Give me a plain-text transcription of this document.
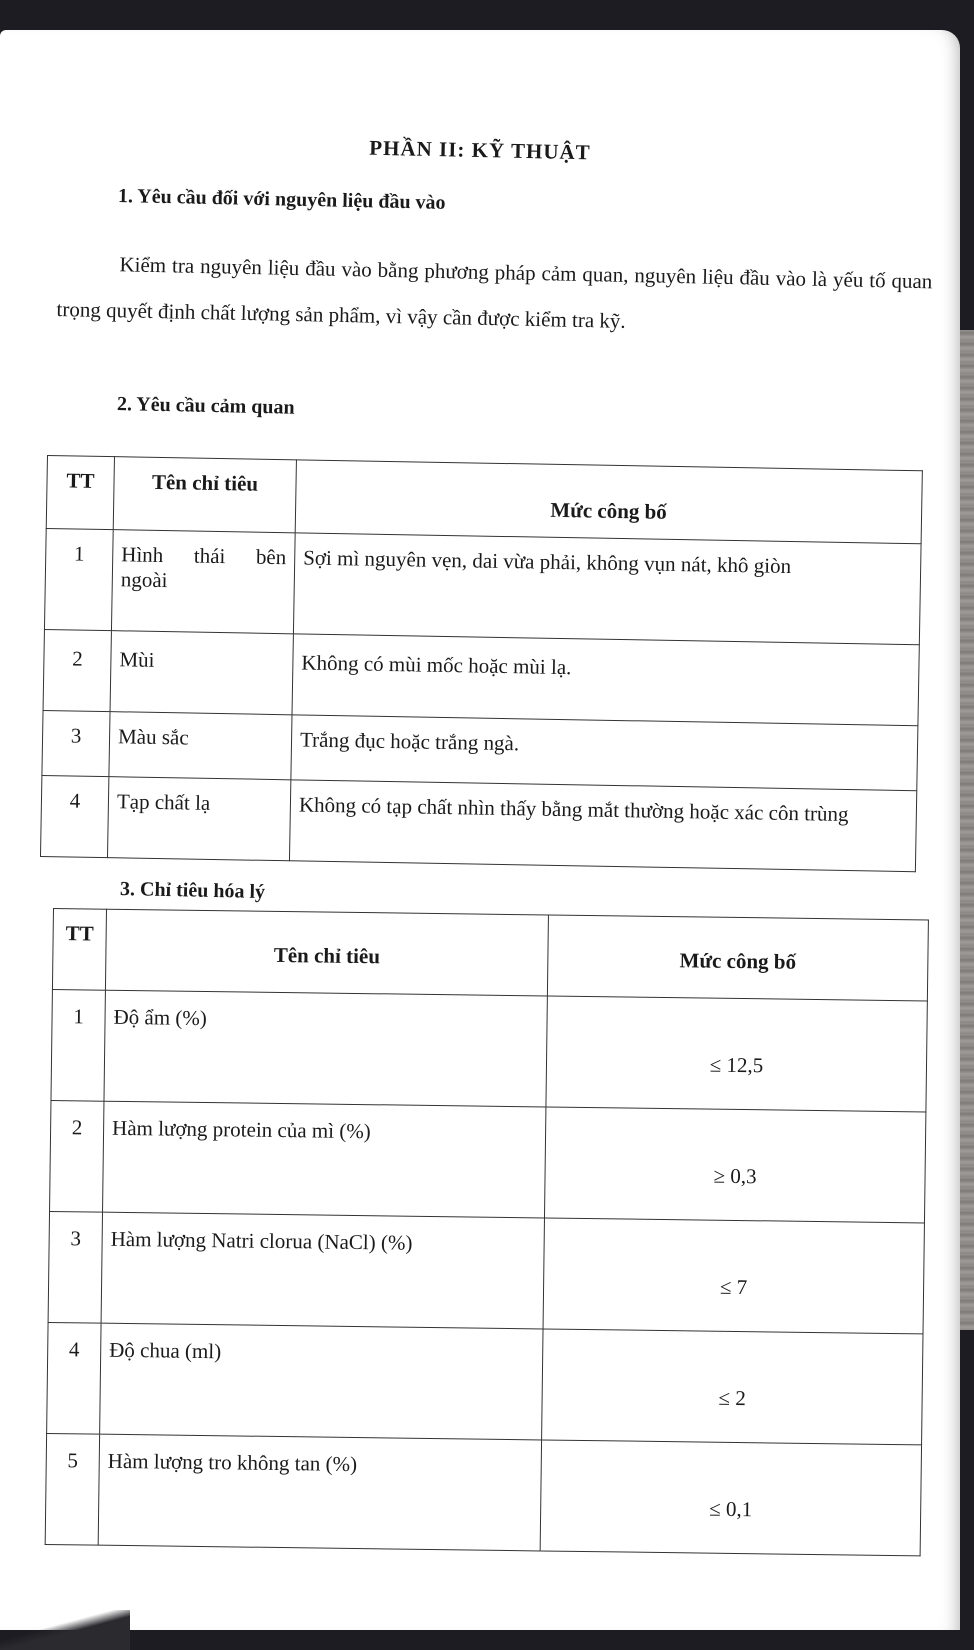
PHẦN II: KỸ THUẬT
1. Yêu cầu đối với nguyên liệu đầu vào
Kiểm tra nguyên liệu đầu vào bằng phương pháp cảm quan, nguyên liệu đầu vào là yếu tố quan trọng quyết định chất lượng sản phẩm, vì vậy cần được kiểm tra kỹ.
2. Yêu cầu cảm quan
TT	Tên chỉ tiêu	Mức công bố
1	Hình thái bên ngoài	Sợi mì nguyên vẹn, dai vừa phải, không vụn nát, khô giòn
2	Mùi	Không có mùi mốc hoặc mùi lạ.
3	Màu sắc	Trắng đục hoặc trắng ngà.
4	Tạp chất lạ	Không có tạp chất nhìn thấy bằng mắt thường hoặc xác côn trùng
3. Chỉ tiêu hóa lý
TT	Tên chỉ tiêu	Mức công bố
1	Độ ẩm (%)	≤ 12,5
2	Hàm lượng protein của mì (%)	≥ 0,3
3	Hàm lượng Natri clorua (NaCl) (%)	≤ 7
4	Độ chua (ml)	≤ 2
5	Hàm lượng tro không tan (%)	≤ 0,1
